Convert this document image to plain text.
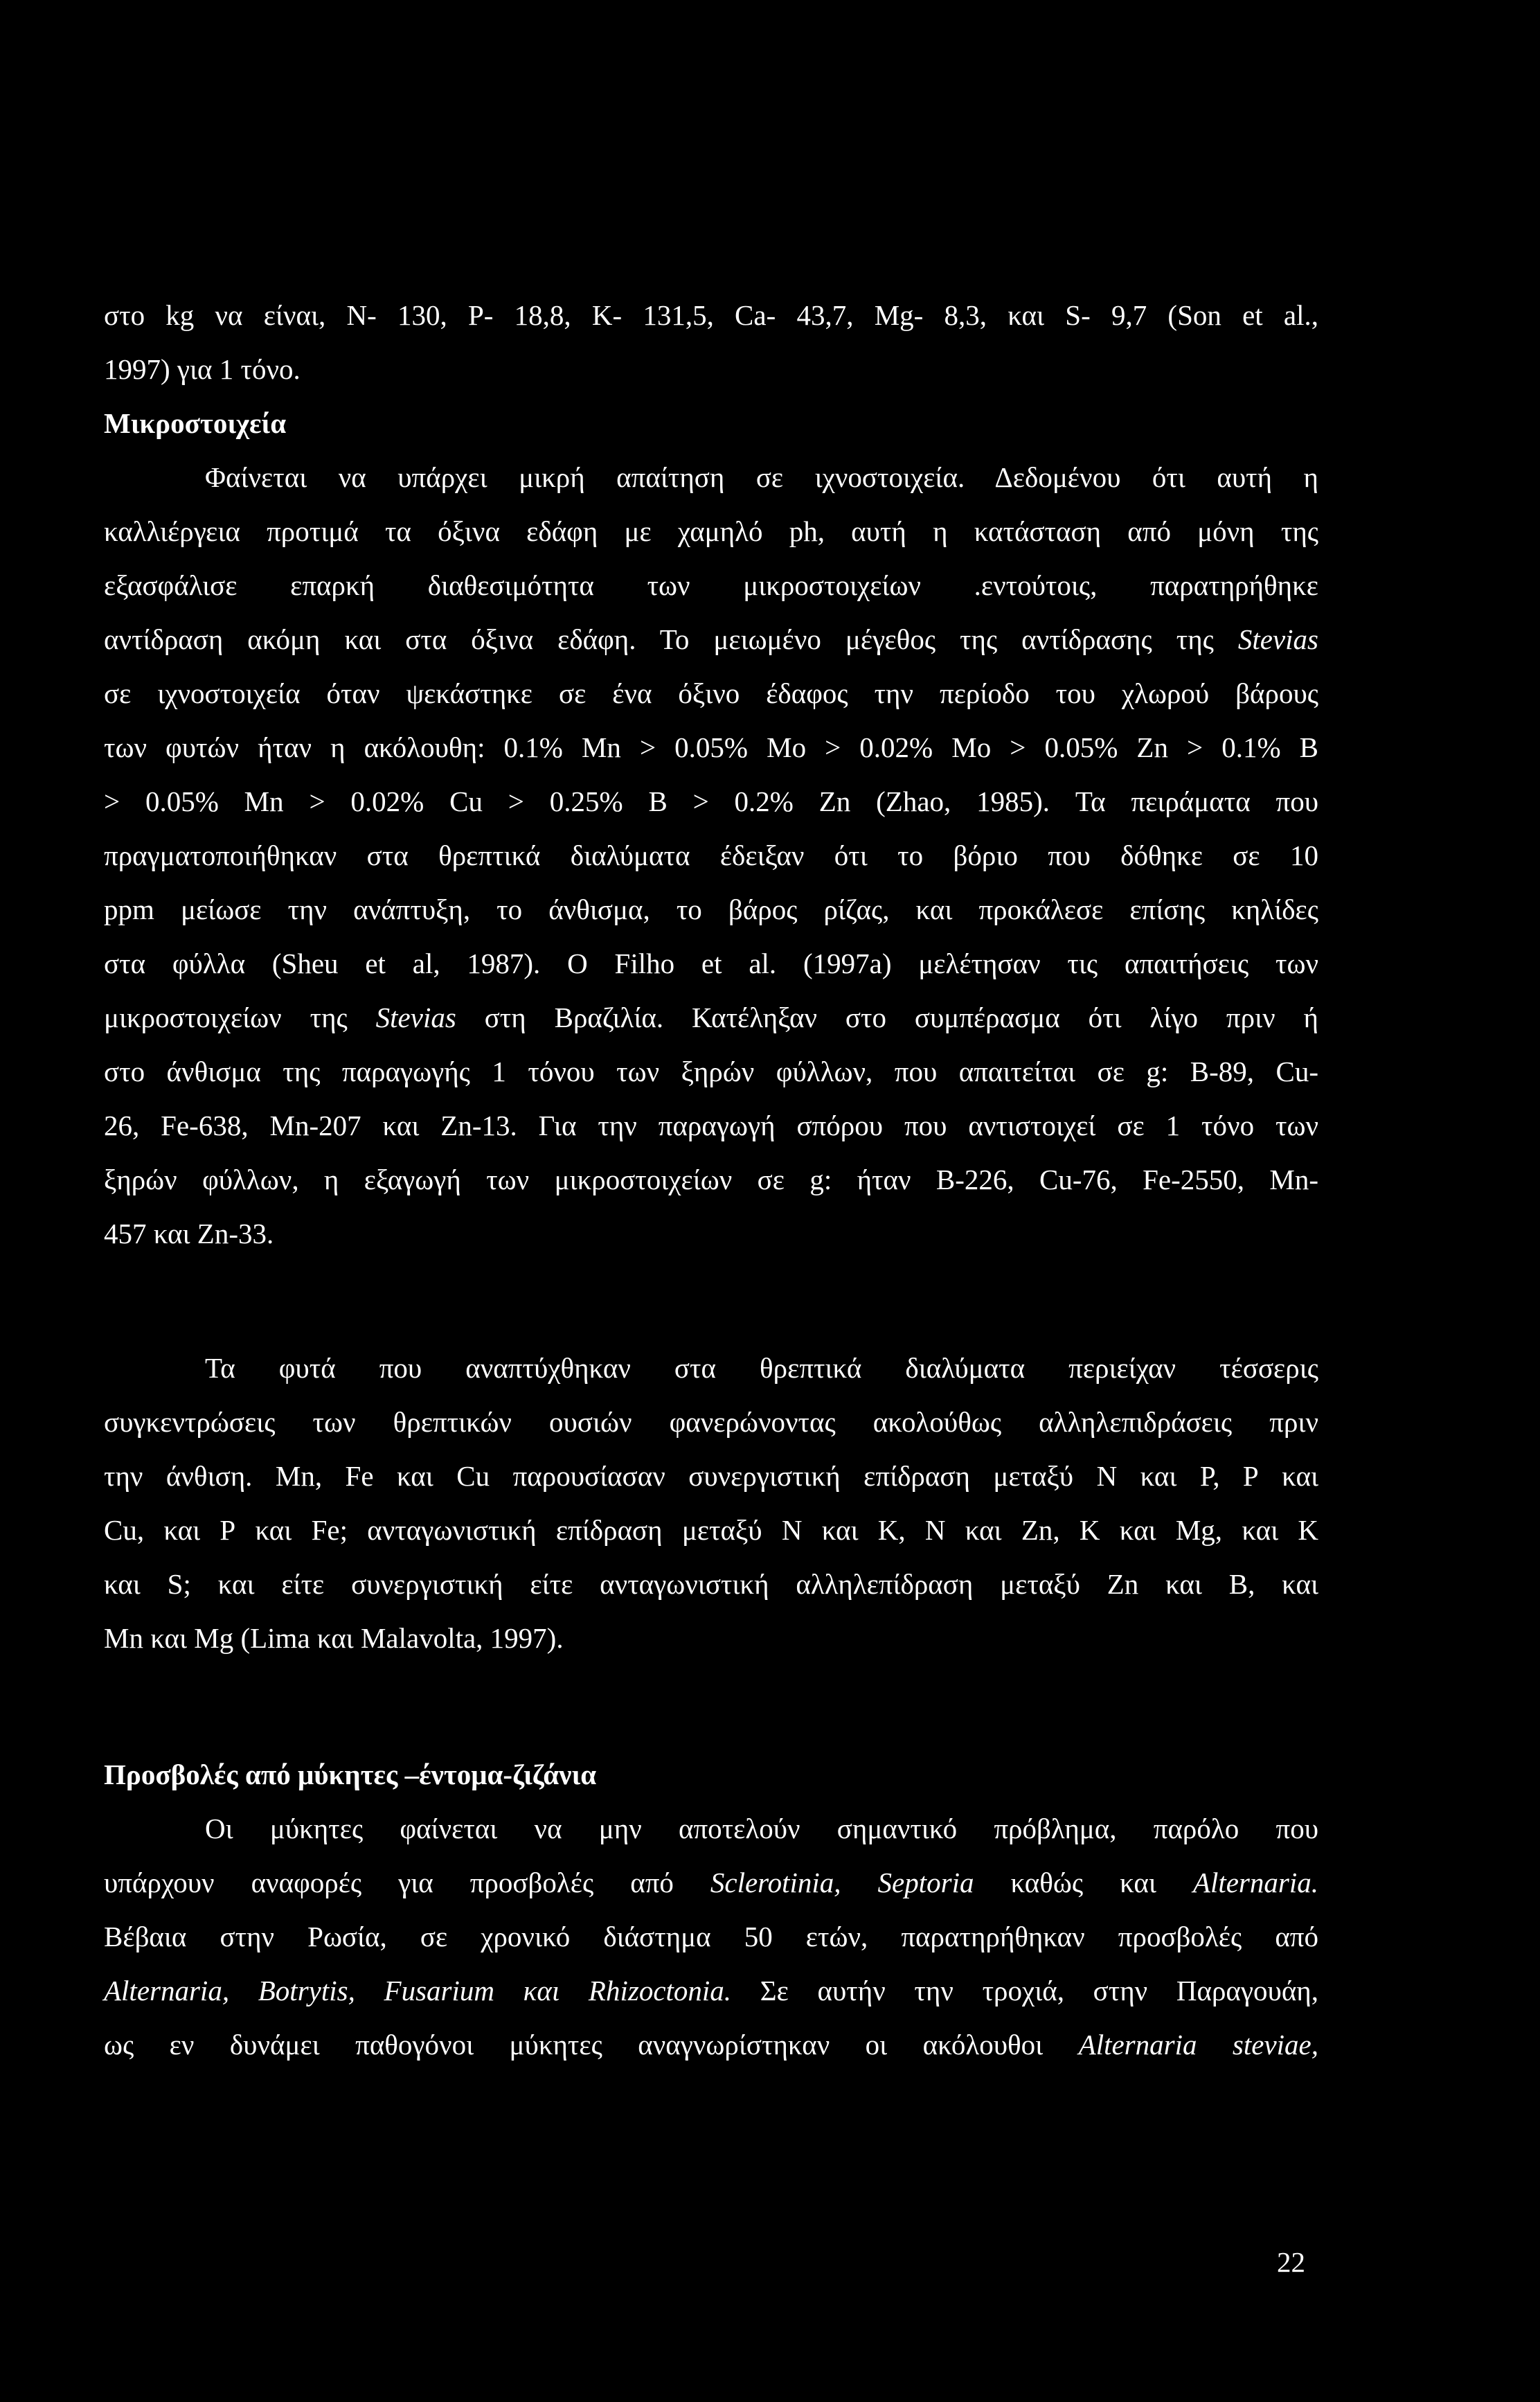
στο kg να είναι, Ν- 130, Ρ- 18,8, Κ- 131,5, Ca- 43,7, Mg- 8,3, και S- 9,7 (Son et al.,

1997) για 1 τόνο.

Μικροστοιχεία

Φαίνεται να υπάρχει μικρή απαίτηση σε ιχνοστοιχεία. Δεδομένου ότι αυτή η

καλλιέργεια προτιμά τα όξινα εδάφη με χαμηλό ph, αυτή η κατάσταση από μόνη της

εξασφάλισε επαρκή διαθεσιμότητα των μικροστοιχείων .εντούτοις, παρατηρήθηκε

αντίδραση ακόμη και στα όξινα εδάφη. Το μειωμένο μέγεθος της αντίδρασης της Stevias

σε ιχνοστοιχεία όταν ψεκάστηκε σε ένα όξινο έδαφος την περίοδο του χλωρού βάρους

των φυτών ήταν η ακόλουθη: 0.1% Mn > 0.05% Mo > 0.02% Mo > 0.05% Zn > 0.1% B

> 0.05% Mn > 0.02% Cu > 0.25% B > 0.2% Zn (Zhao, 1985). Τα πειράματα που

πραγματοποιήθηκαν στα θρεπτικά διαλύματα έδειξαν ότι το βόριο που δόθηκε σε 10

ppm μείωσε την ανάπτυξη, το άνθισμα, το βάρος ρίζας, και προκάλεσε επίσης κηλίδες

στα φύλλα (Sheu et al, 1987). Ο Filho et al. (1997a) μελέτησαν τις απαιτήσεις των

μικροστοιχείων της Stevias στη Βραζιλία. Κατέληξαν στο συμπέρασμα ότι λίγο πριν ή

στο άνθισμα της παραγωγής 1 τόνου των ξηρών φύλλων, που απαιτείται σε g: B-89, Cu-

26, Fe-638, Mn-207 και Zn-13. Για την παραγωγή σπόρου που αντιστοιχεί σε 1 τόνο των

ξηρών φύλλων, η εξαγωγή των μικροστοιχείων σε g: ήταν B-226, Cu-76, Fe-2550, Mn-

457 και Zn-33.

Τα φυτά που αναπτύχθηκαν στα θρεπτικά διαλύματα περιείχαν τέσσερις

συγκεντρώσεις των θρεπτικών ουσιών φανερώνοντας ακολούθως αλληλεπιδράσεις πριν

την άνθιση. Mn, Fe και Cu παρουσίασαν συνεργιστική επίδραση μεταξύ Ν και Ρ, Ρ και

Cu, και Ρ και Fe; ανταγωνιστική επίδραση μεταξύ Ν και Κ, Ν και Zn, Κ και Mg, και Κ

και S; και είτε συνεργιστική είτε ανταγωνιστική αλληλεπίδραση μεταξύ Zn και Β, και

Mn και Mg (Lima και Malavolta, 1997).

Προσβολές από μύκητες –έντομα-ζιζάνια

Οι μύκητες φαίνεται να μην αποτελούν σημαντικό πρόβλημα, παρόλο που

υπάρχουν αναφορές για προσβολές από Sclerotinia, Septoria καθώς και Alternaria.

Βέβαια στην Ρωσία, σε χρονικό διάστημα 50 ετών, παρατηρήθηκαν προσβολές από

Alternaria, Botrytis, Fusarium και Rhizoctonia. Σε αυτήν την τροχιά, στην Παραγουάη,

ως εν δυνάμει παθογόνοι μύκητες αναγνωρίστηκαν οι ακόλουθοι Alternaria steviae,

22
